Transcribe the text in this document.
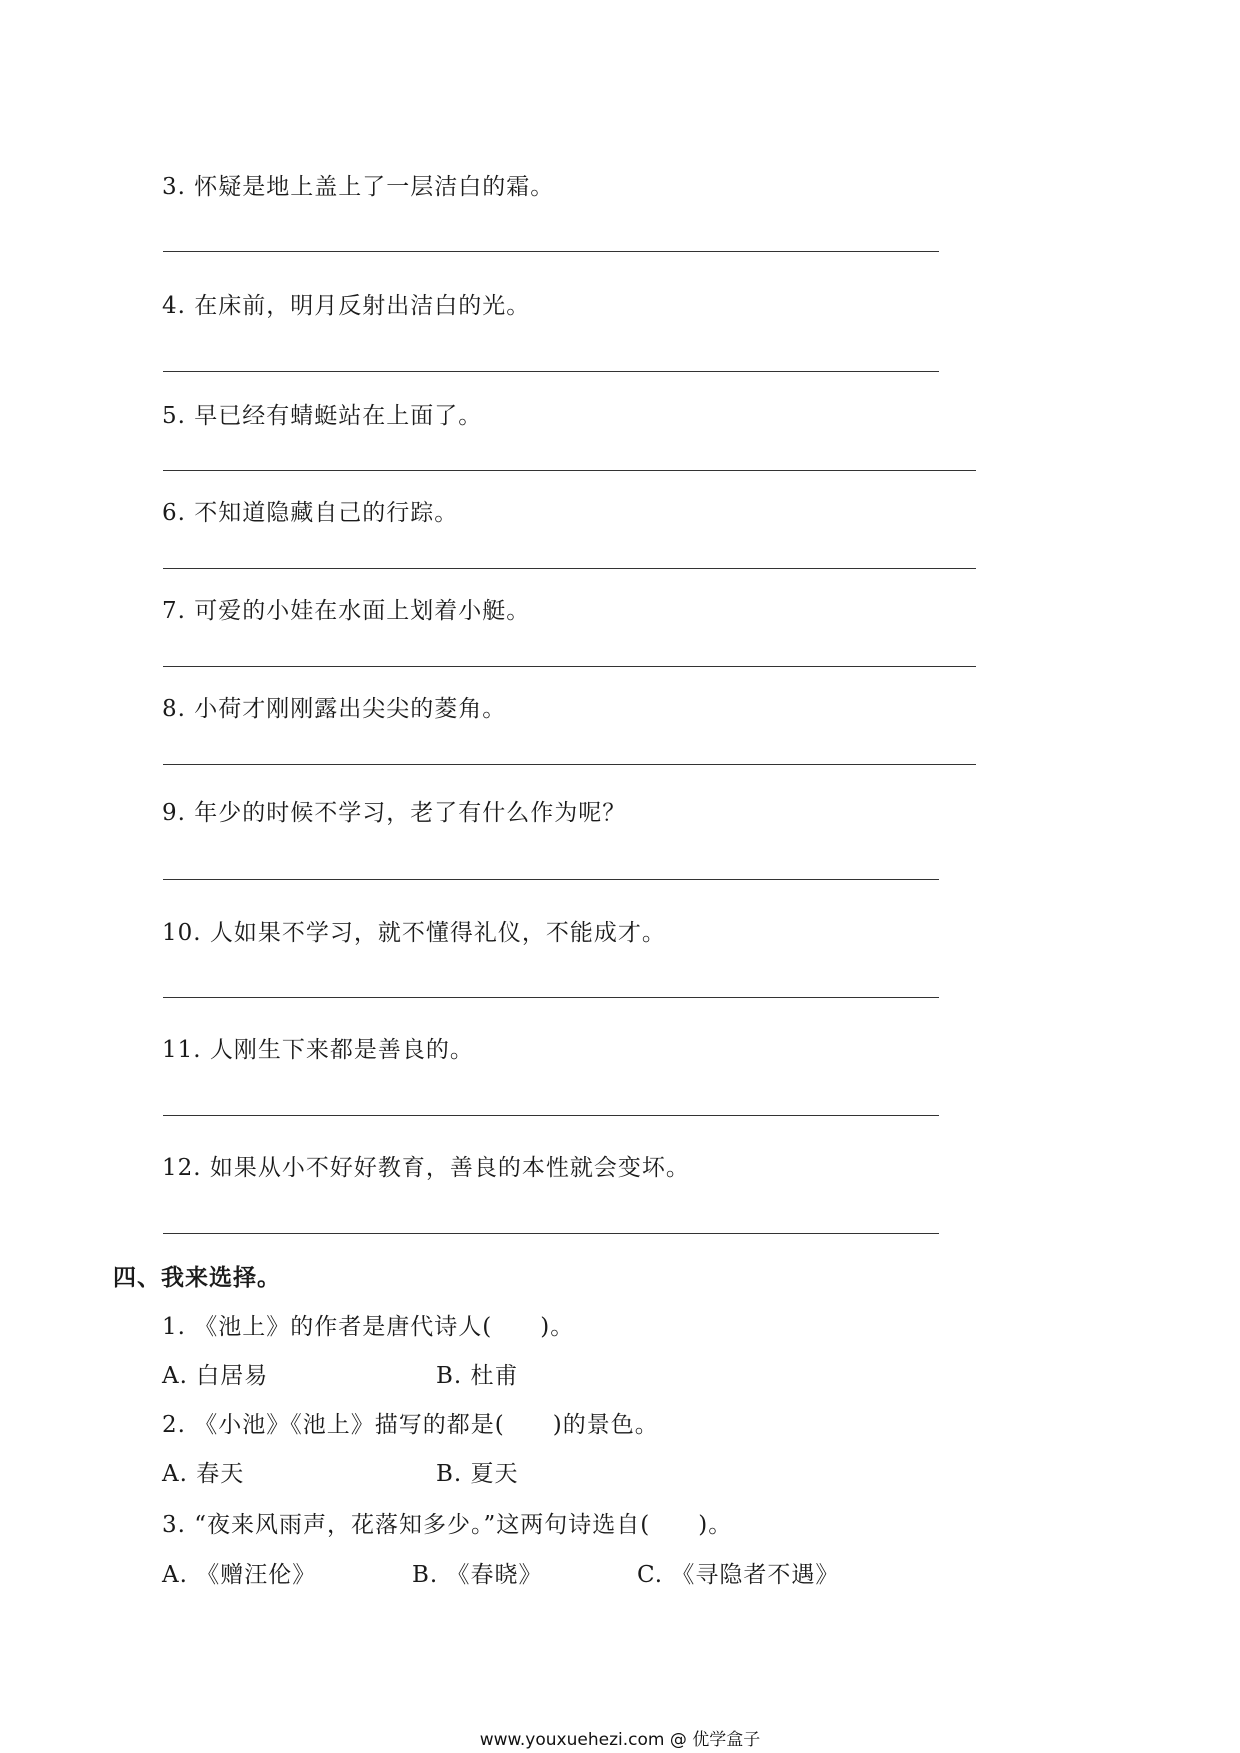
3. 怀疑是地上盖上了一层洁白的霜。
4. 在床前，明月反射出洁白的光。
5. 早已经有蜻蜓站在上面了。
6. 不知道隐藏自己的行踪。
7. 可爱的小娃在水面上划着小艇。
8. 小荷才刚刚露出尖尖的菱角。
9. 年少的时候不学习，老了有什么作为呢？
10. 人如果不学习，就不懂得礼仪，不能成才。
11. 人刚生下来都是善良的。
12. 如果从小不好好教育，善良的本性就会变坏。
四、我来选择。
1. 《池上》的作者是唐代诗人(　　)。
A. 白居易	B. 杜甫
2. 《小池》《池上》描写的都是(　　)的景色。
A. 春天	B. 夏天
3. “夜来风雨声，花落知多少。”这两句诗选自(　　)。
A. 《赠汪伦》	B. 《春晓》	C. 《寻隐者不遇》
www.youxuehezi.com @ 优学盒子
